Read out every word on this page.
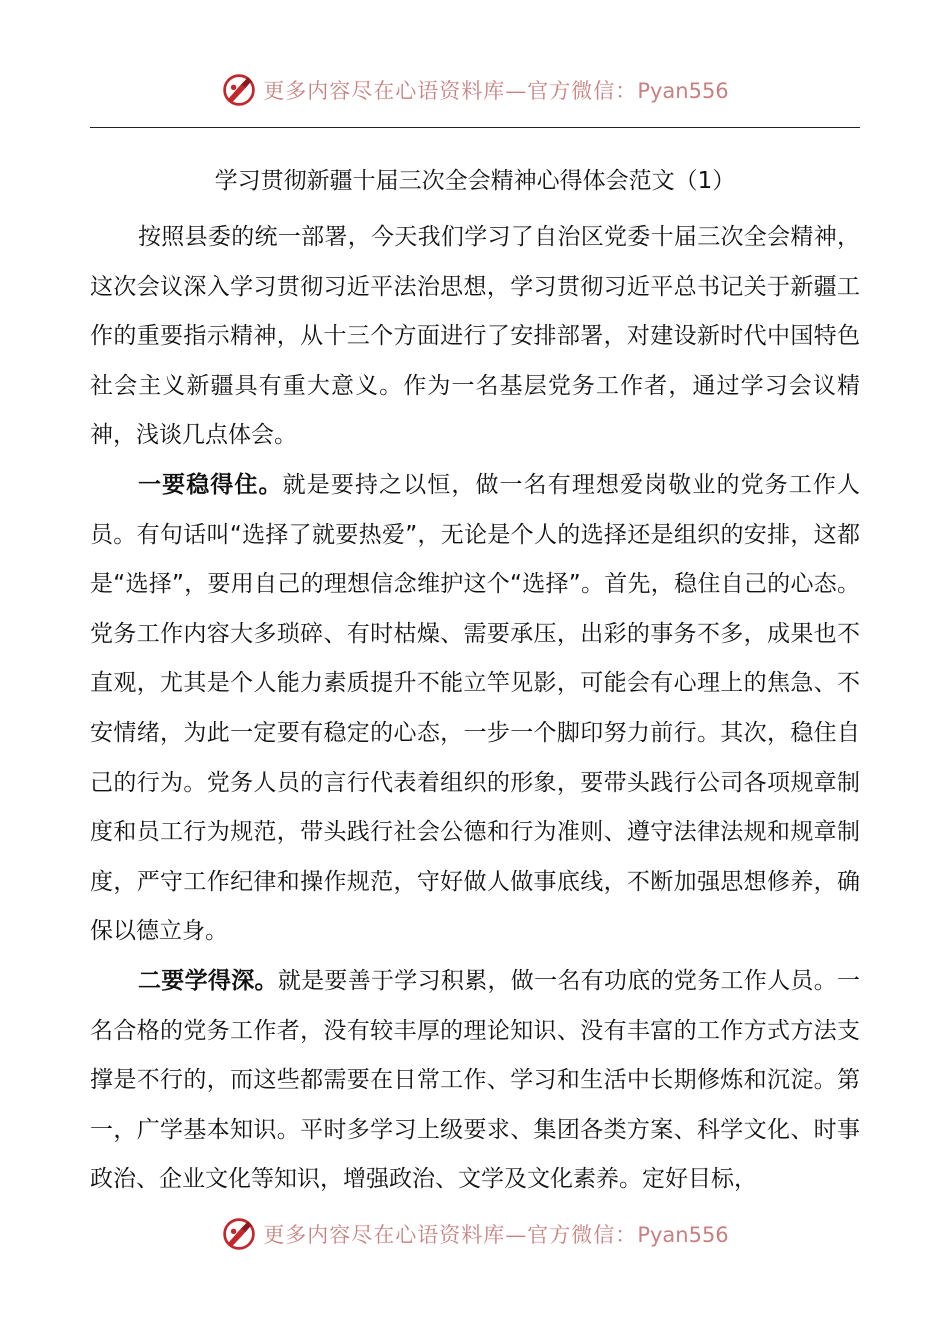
更多内容尽在心语资料库—官方微信：Pyan556
学习贯彻新疆十届三次全会精神心得体会范文（1）

按照县委的统一部署，今天我们学习了自治区党委十届三次全会精神，这次会议深入学习贯彻习近平法治思想，学习贯彻习近平总书记关于新疆工作的重要指示精神，从十三个方面进行了安排部署，对建设新时代中国特色社会主义新疆具有重大意义。作为一名基层党务工作者，通过学习会议精神，浅谈几点体会。

一要稳得住。就是要持之以恒，做一名有理想爱岗敬业的党务工作人员。有句话叫“选择了就要热爱”，无论是个人的选择还是组织的安排，这都是“选择”，要用自己的理想信念维护这个“选择”。首先，稳住自己的心态。党务工作内容大多琐碎、有时枯燥、需要承压，出彩的事务不多，成果也不直观，尤其是个人能力素质提升不能立竿见影，可能会有心理上的焦急、不安情绪，为此一定要有稳定的心态，一步一个脚印努力前行。其次，稳住自己的行为。党务人员的言行代表着组织的形象，要带头践行公司各项规章制度和员工行为规范，带头践行社会公德和行为准则、遵守法律法规和规章制度，严守工作纪律和操作规范，守好做人做事底线，不断加强思想修养，确保以德立身。

二要学得深。就是要善于学习积累，做一名有功底的党务工作人员。一名合格的党务工作者，没有较丰厚的理论知识、没有丰富的工作方式方法支撑是不行的，而这些都需要在日常工作、学习和生活中长期修炼和沉淀。第一，广学基本知识。平时多学习上级要求、集团各类方案、科学文化、时事政治、企业文化等知识，增强政治、文学及文化素养。定好目标，

更多内容尽在心语资料库—官方微信：Pyan556
